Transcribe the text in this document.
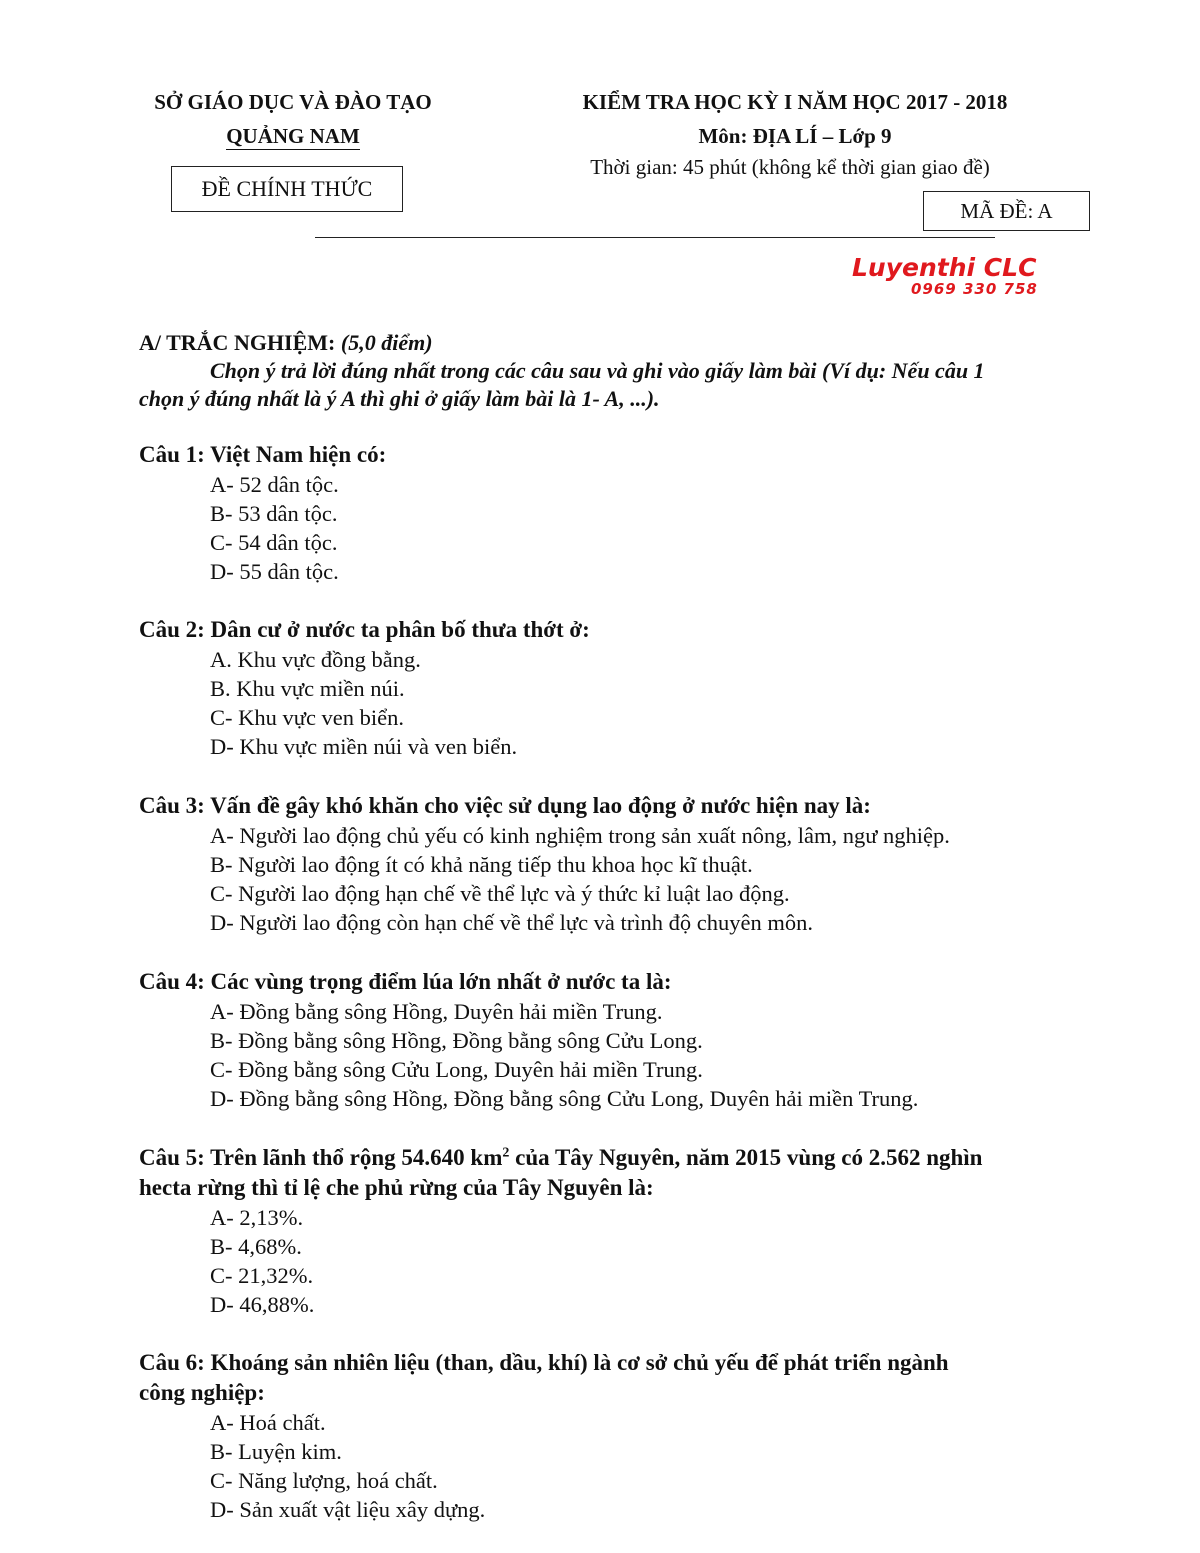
SỞ GIÁO DỤC VÀ ĐÀO TẠO
QUẢNG NAM
ĐỀ CHÍNH THỨC
KIỂM TRA HỌC KỲ I NĂM HỌC 2017 - 2018
Môn: ĐỊA LÍ – Lớp 9
Thời gian: 45 phút (không kể thời gian giao đề)
MÃ ĐỀ: A
Luyenthi CLC
0969 330 758
A/ TRẮC NGHIỆM: (5,0 điểm)
Chọn ý trả lời đúng nhất trong các câu sau và ghi vào giấy làm bài (Ví dụ: Nếu câu 1
chọn ý đúng nhất là ý A thì ghi ở giấy làm bài là 1- A, ...).
Câu 1: Việt Nam hiện có:
A- 52 dân tộc.
B- 53 dân tộc.
C- 54 dân tộc.
D- 55 dân tộc.
Câu 2: Dân cư ở nước ta phân bố thưa thớt ở:
A. Khu vực đồng bằng.
B. Khu vực miền núi.
C- Khu vực ven biển.
D- Khu vực miền núi và ven biển.
Câu 3: Vấn đề gây khó khăn cho việc sử dụng lao động ở nước hiện nay là:
A- Người lao động chủ yếu có kinh nghiệm trong sản xuất nông, lâm, ngư nghiệp.
B- Người lao động ít có khả năng tiếp thu khoa học kĩ thuật.
C- Người lao động hạn chế về thể lực và ý thức kỉ luật lao động.
D- Người lao động còn hạn chế về thể lực và trình độ chuyên môn.
Câu 4: Các vùng trọng điểm lúa lớn nhất ở nước ta là:
A- Đồng bằng sông Hồng, Duyên hải miền Trung.
B- Đồng bằng sông Hồng, Đồng bằng sông Cửu Long.
C- Đồng bằng sông Cửu Long, Duyên hải miền Trung.
D- Đồng bằng sông Hồng, Đồng bằng sông Cửu Long, Duyên hải miền Trung.
Câu 5: Trên lãnh thổ rộng 54.640 $km^2$ của Tây Nguyên, năm 2015 vùng có 2.562 nghìn
hecta rừng thì tỉ lệ che phủ rừng của Tây Nguyên là:
A- 2,13%.
B- 4,68%.
C- 21,32%.
D- 46,88%.
Câu 6: Khoáng sản nhiên liệu (than, dầu, khí) là cơ sở chủ yếu để phát triển ngành
công nghiệp:
A- Hoá chất.
B- Luyện kim.
C- Năng lượng, hoá chất.
D- Sản xuất vật liệu xây dựng.
